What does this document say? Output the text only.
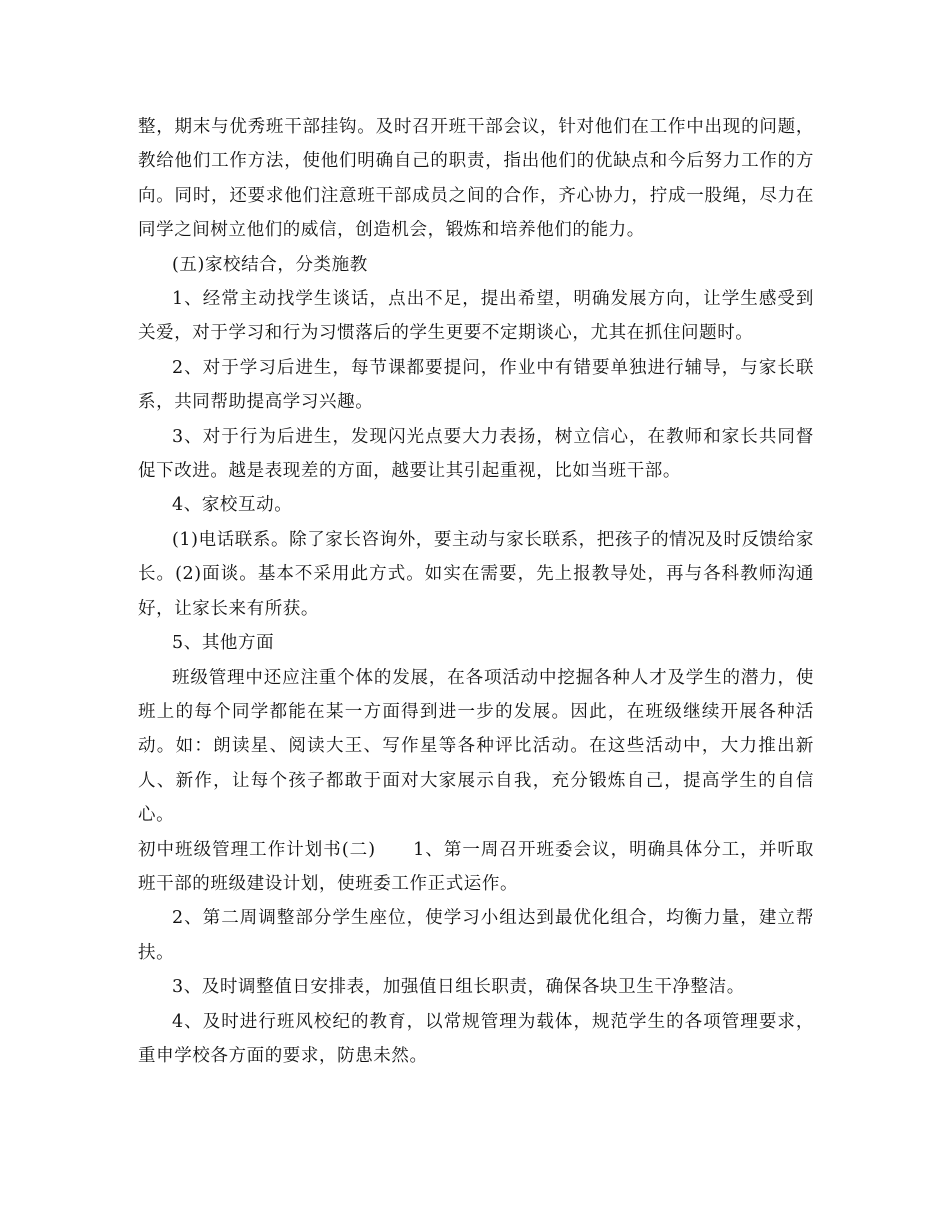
整，期末与优秀班干部挂钩。及时召开班干部会议，针对他们在工作中出现的问题，教给他们工作方法，使他们明确自己的职责，指出他们的优缺点和今后努力工作的方向。同时，还要求他们注意班干部成员之间的合作，齐心协力，拧成一股绳，尽力在同学之间树立他们的威信，创造机会，锻炼和培养他们的能力。

(五)家校结合，分类施教

1、经常主动找学生谈话，点出不足，提出希望，明确发展方向，让学生感受到关爱，对于学习和行为习惯落后的学生更要不定期谈心，尤其在抓住问题时。

2、对于学习后进生，每节课都要提问，作业中有错要单独进行辅导，与家长联系，共同帮助提高学习兴趣。

3、对于行为后进生，发现闪光点要大力表扬，树立信心，在教师和家长共同督促下改进。越是表现差的方面，越要让其引起重视，比如当班干部。

4、家校互动。

(1)电话联系。除了家长咨询外，要主动与家长联系，把孩子的情况及时反馈给家长。(2)面谈。基本不采用此方式。如实在需要，先上报教导处，再与各科教师沟通好，让家长来有所获。

5、其他方面

班级管理中还应注重个体的发展，在各项活动中挖掘各种人才及学生的潜力，使班上的每个同学都能在某一方面得到进一步的发展。因此，在班级继续开展各种活动。如：朗读星、阅读大王、写作星等各种评比活动。在这些活动中，大力推出新人、新作，让每个孩子都敢于面对大家展示自我，充分锻炼自己，提高学生的自信心。

初中班级管理工作计划书(二)　　1、第一周召开班委会议，明确具体分工，并听取班干部的班级建设计划，使班委工作正式运作。

2、第二周调整部分学生座位，使学习小组达到最优化组合，均衡力量，建立帮扶。

3、及时调整值日安排表，加强值日组长职责，确保各块卫生干净整洁。

4、及时进行班风校纪的教育，以常规管理为载体，规范学生的各项管理要求，重申学校各方面的要求，防患未然。
